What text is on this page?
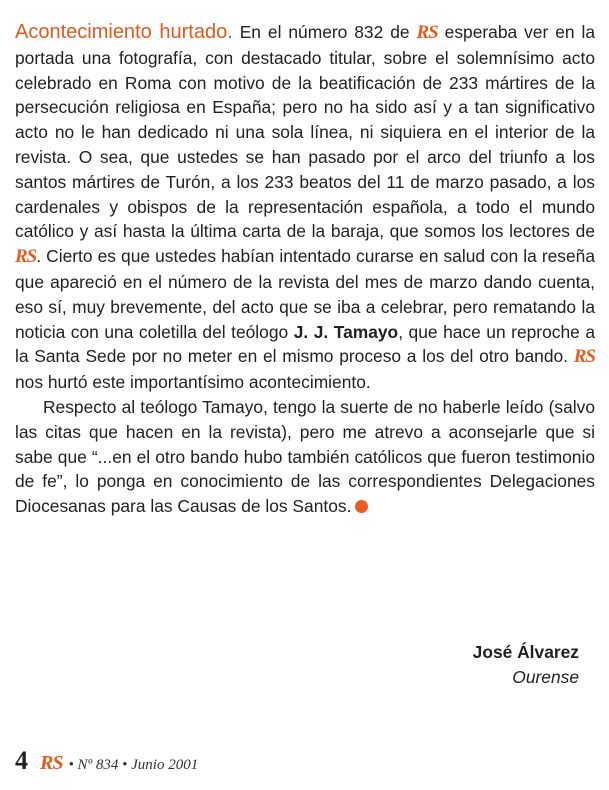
Acontecimiento hurtado. En el número 832 de RS esperaba ver en la portada una fotografía, con destacado titular, sobre el solemnísimo acto celebrado en Roma con motivo de la beatificación de 233 mártires de la persecución religiosa en España; pero no ha sido así y a tan significativo acto no le han dedicado ni una sola línea, ni siquiera en el interior de la revista. O sea, que ustedes se han pasado por el arco del triunfo a los santos mártires de Turón, a los 233 beatos del 11 de marzo pasado, a los cardenales y obispos de la representación española, a todo el mundo católico y así hasta la última carta de la baraja, que somos los lectores de RS. Cierto es que ustedes habían intentado curarse en salud con la reseña que apareció en el número de la revista del mes de marzo dando cuenta, eso sí, muy brevemente, del acto que se iba a celebrar, pero rematando la noticia con una coletilla del teólogo J. J. Tamayo, que hace un reproche a la Santa Sede por no meter en el mismo proceso a los del otro bando. RS nos hurtó este importantísimo acontecimiento.

Respecto al teólogo Tamayo, tengo la suerte de no haberle leído (salvo las citas que hacen en la revista), pero me atrevo a aconsejarle que si sabe que “...en el otro bando hubo también católicos que fueron testimonio de fe”, lo ponga en conocimiento de las correspondientes Delegaciones Diocesanas para las Causas de los Santos.

José Álvarez
Ourense
4 RS • Nº 834 • Junio 2001
